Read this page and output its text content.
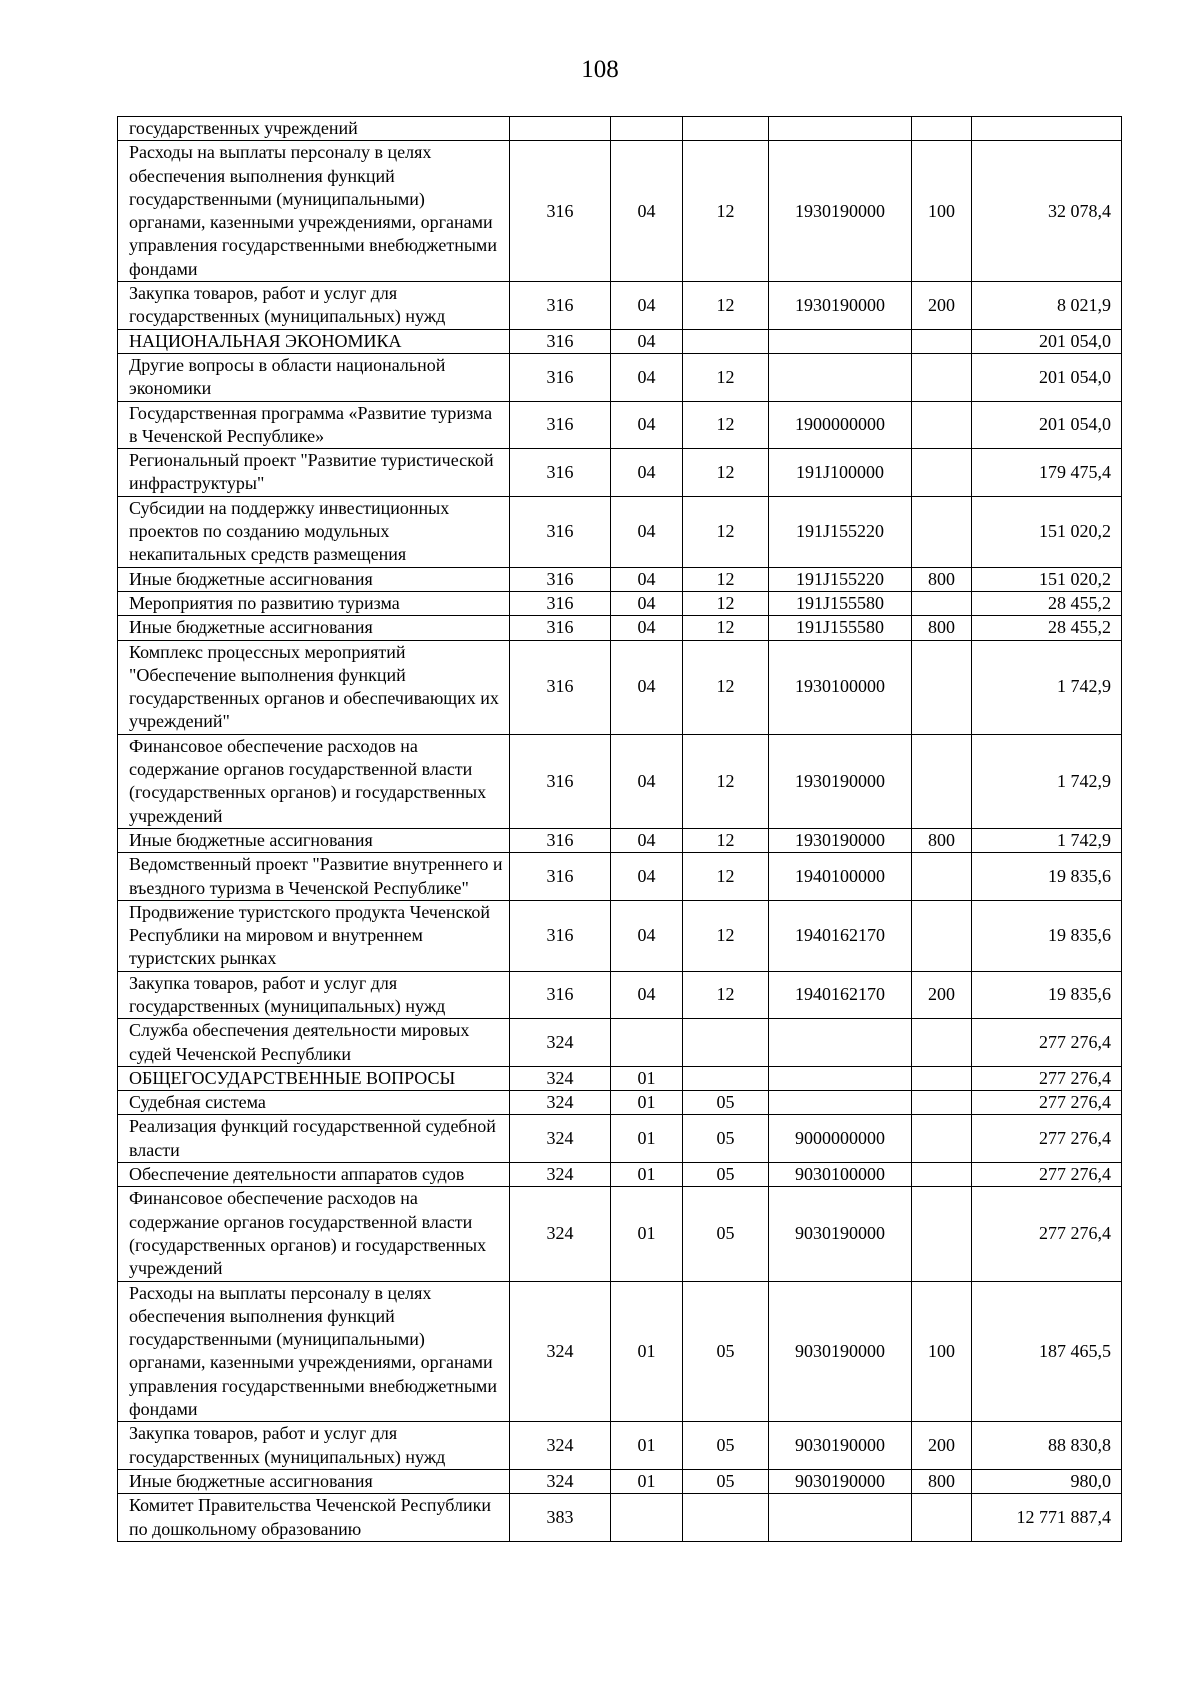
108
государственных учреждений						
Расходы на выплаты персоналу в целях обеспечения выполнения функций государственными (муниципальными) органами, казенными учреждениями, органами управления государственными внебюджетными фондами	316	04	12	1930190000	100	32 078,4
Закупка товаров, работ и услуг для государственных (муниципальных) нужд	316	04	12	1930190000	200	8 021,9
НАЦИОНАЛЬНАЯ ЭКОНОМИКА	316	04				201 054,0
Другие вопросы в области национальной экономики	316	04	12			201 054,0
Государственная программа «Развитие туризма в Чеченской Республике»	316	04	12	1900000000		201 054,0
Региональный проект "Развитие туристической инфраструктуры"	316	04	12	191J100000		179 475,4
Субсидии на поддержку инвестиционных проектов по созданию модульных некапитальных средств размещения	316	04	12	191J155220		151 020,2
Иные бюджетные ассигнования	316	04	12	191J155220	800	151 020,2
Мероприятия по развитию туризма	316	04	12	191J155580		28 455,2
Иные бюджетные ассигнования	316	04	12	191J155580	800	28 455,2
Комплекс процессных мероприятий "Обеспечение выполнения функций государственных органов и обеспечивающих их учреждений"	316	04	12	1930100000		1 742,9
Финансовое обеспечение расходов на содержание органов государственной власти (государственных органов) и государственных учреждений	316	04	12	1930190000		1 742,9
Иные бюджетные ассигнования	316	04	12	1930190000	800	1 742,9
Ведомственный проект "Развитие внутреннего и въездного туризма в Чеченской Республике"	316	04	12	1940100000		19 835,6
Продвижение туристского продукта Чеченской Республики на мировом и внутреннем туристских рынках	316	04	12	1940162170		19 835,6
Закупка товаров, работ и услуг для государственных (муниципальных) нужд	316	04	12	1940162170	200	19 835,6
Служба обеспечения деятельности мировых судей Чеченской Республики	324					277 276,4
ОБЩЕГОСУДАРСТВЕННЫЕ ВОПРОСЫ	324	01				277 276,4
Судебная система	324	01	05			277 276,4
Реализация функций государственной судебной власти	324	01	05	9000000000		277 276,4
Обеспечение деятельности аппаратов судов	324	01	05	9030100000		277 276,4
Финансовое обеспечение расходов на содержание органов государственной власти (государственных органов) и государственных учреждений	324	01	05	9030190000		277 276,4
Расходы на выплаты персоналу в целях обеспечения выполнения функций государственными (муниципальными) органами, казенными учреждениями, органами управления государственными внебюджетными фондами	324	01	05	9030190000	100	187 465,5
Закупка товаров, работ и услуг для государственных (муниципальных) нужд	324	01	05	9030190000	200	88 830,8
Иные бюджетные ассигнования	324	01	05	9030190000	800	980,0
Комитет Правительства Чеченской Республики по дошкольному образованию	383					12 771 887,4
